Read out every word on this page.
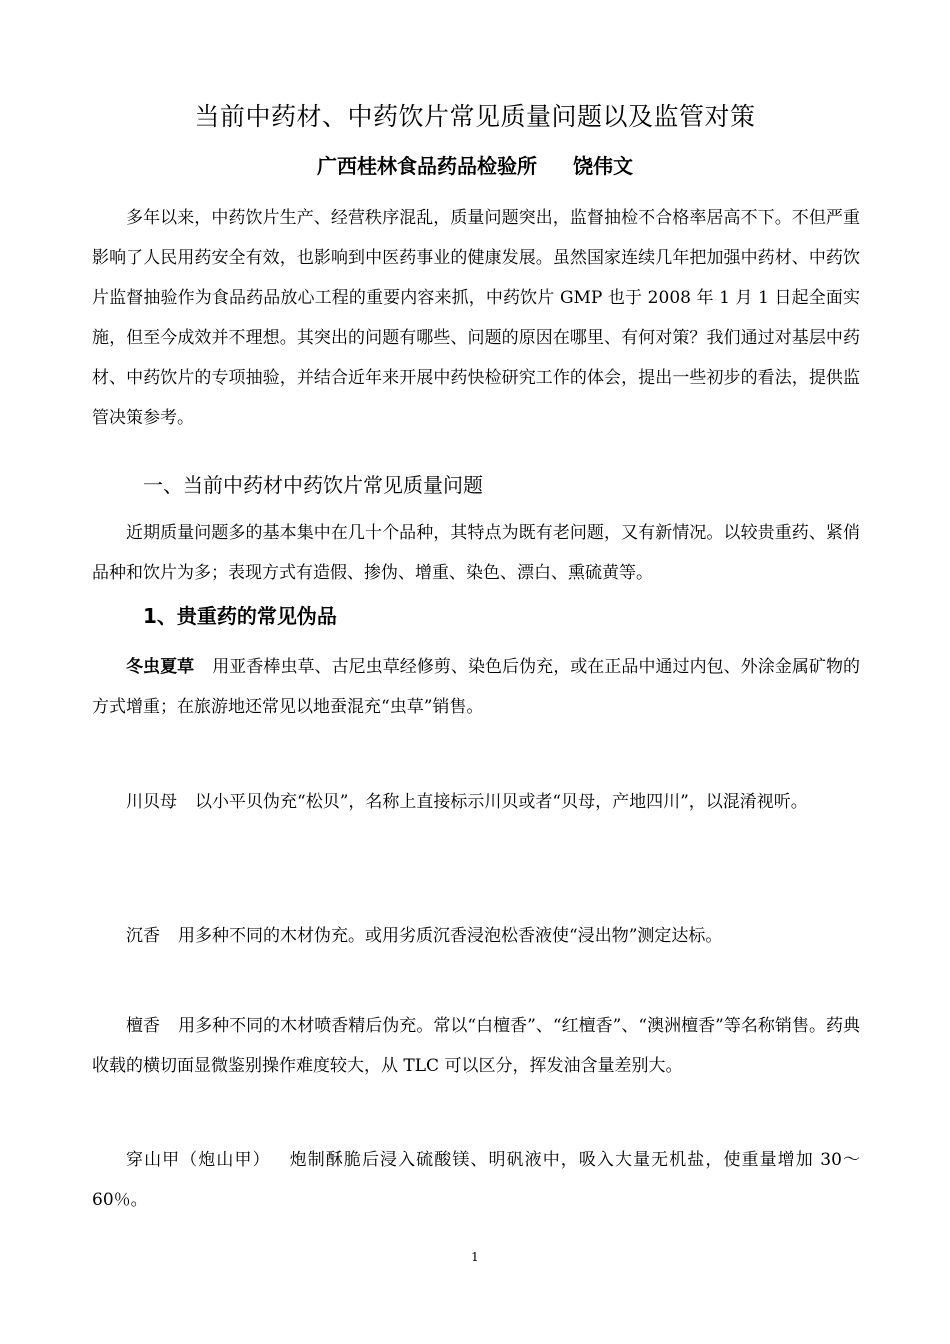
当前中药材、中药饮片常见质量问题以及监管对策
广西桂林食品药品检验所 饶伟文

多年以来，中药饮片生产、经营秩序混乱，质量问题突出，监督抽检不合格率居高不下。不但严重影响了人民用药安全有效，也影响到中医药事业的健康发展。虽然国家连续几年把加强中药材、中药饮片监督抽验作为食品药品放心工程的重要内容来抓，中药饮片 GMP 也于 2008 年 1 月 1 日起全面实施，但至今成效并不理想。其突出的问题有哪些、问题的原因在哪里、有何对策？我们通过对基层中药材、中药饮片的专项抽验，并结合近年来开展中药快检研究工作的体会，提出一些初步的看法，提供监管决策参考。

一、当前中药材中药饮片常见质量问题

近期质量问题多的基本集中在几十个品种，其特点为既有老问题，又有新情况。以较贵重药、紧俏品种和饮片为多；表现方式有造假、掺伪、增重、染色、漂白、熏硫黄等。

1、贵重药的常见伪品

冬虫夏草 用亚香棒虫草、古尼虫草经修剪、染色后伪充，或在正品中通过内包、外涂金属矿物的方式增重；在旅游地还常见以地蚕混充“虫草”销售。

川贝母 以小平贝伪充“松贝”，名称上直接标示川贝或者“贝母，产地四川”，以混淆视听。

沉香 用多种不同的木材伪充。或用劣质沉香浸泡松香液使“浸出物”测定达标。

檀香 用多种不同的木材喷香精后伪充。常以“白檀香”、“红檀香”、“澳洲檀香”等名称销售。药典收载的横切面显微鉴别操作难度较大，从 TLC 可以区分，挥发油含量差别大。

穿山甲（炮山甲） 炮制酥脆后浸入硫酸镁、明矾液中，吸入大量无机盐，使重量增加 30～60％。

1
